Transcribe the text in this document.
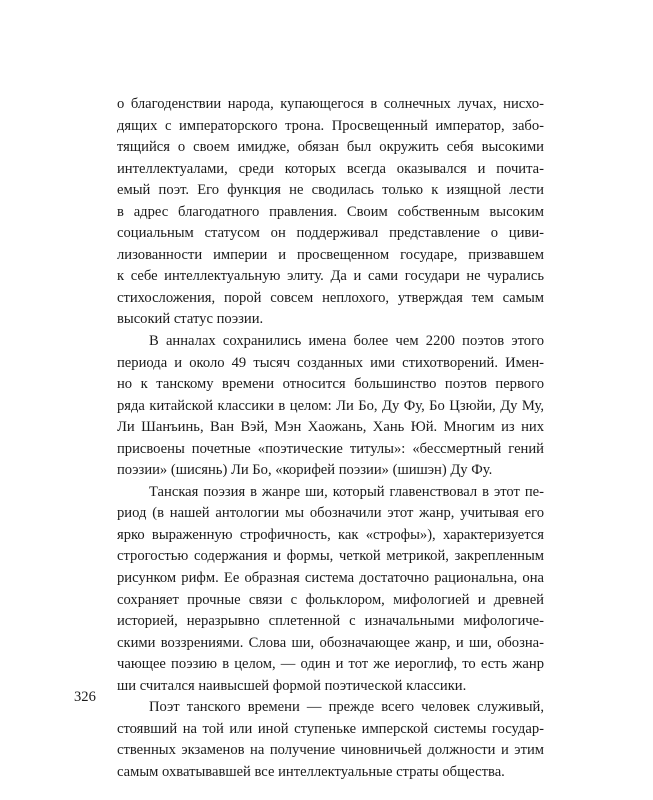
о благоденствии народа, купающегося в солнечных лучах, нисхо-
дящих с императорского трона. Просвещенный император, забо-
тящийся о своем имидже, обязан был окружить себя высокими
интеллектуалами, среди которых всегда оказывался и почита-
емый поэт. Его функция не сводилась только к изящной лести
в адрес благодатного правления. Своим собственным высоким
социальным статусом он поддерживал представление о циви-
лизованности империи и просвещенном государе, призвавшем
к себе интеллектуальную элиту. Да и сами государи не чурались
стихосложения, порой совсем неплохого, утверждая тем самым
высокий статус поэзии.
В анналах сохранились имена более чем 2200 поэтов этого
периода и около 49 тысяч созданных ими стихотворений. Имен-
но к танскому времени относится большинство поэтов первого
ряда китайской классики в целом: Ли Бо, Ду Фу, Бо Цзюйи, Ду Му,
Ли Шанъинь, Ван Вэй, Мэн Хаожань, Хань Юй. Многим из них
присвоены почетные «поэтические титулы»: «бессмертный гений
поэзии» (шисянь) Ли Бо, «корифей поэзии» (шишэн) Ду Фу.
Танская поэзия в жанре ши, который главенствовал в этот пе-
риод (в нашей антологии мы обозначили этот жанр, учитывая его
ярко выраженную строфичность, как «строфы»), характеризуется
строгостью содержания и формы, четкой метрикой, закрепленным
рисунком рифм. Ее образная система достаточно рациональна, она
сохраняет прочные связи с фольклором, мифологией и древней
историей, неразрывно сплетенной с изначальными мифологиче-
скими воззрениями. Слова ши, обозначающее жанр, и ши, обозна-
чающее поэзию в целом, — один и тот же иероглиф, то есть жанр
ши считался наивысшей формой поэтической классики.
Поэт танского времени — прежде всего человек служивый,
стоявший на той или иной ступеньке имперской системы государ-
ственных экзаменов на получение чиновничьей должности и этим
самым охватывавшей все интеллектуальные страты общества.
326
